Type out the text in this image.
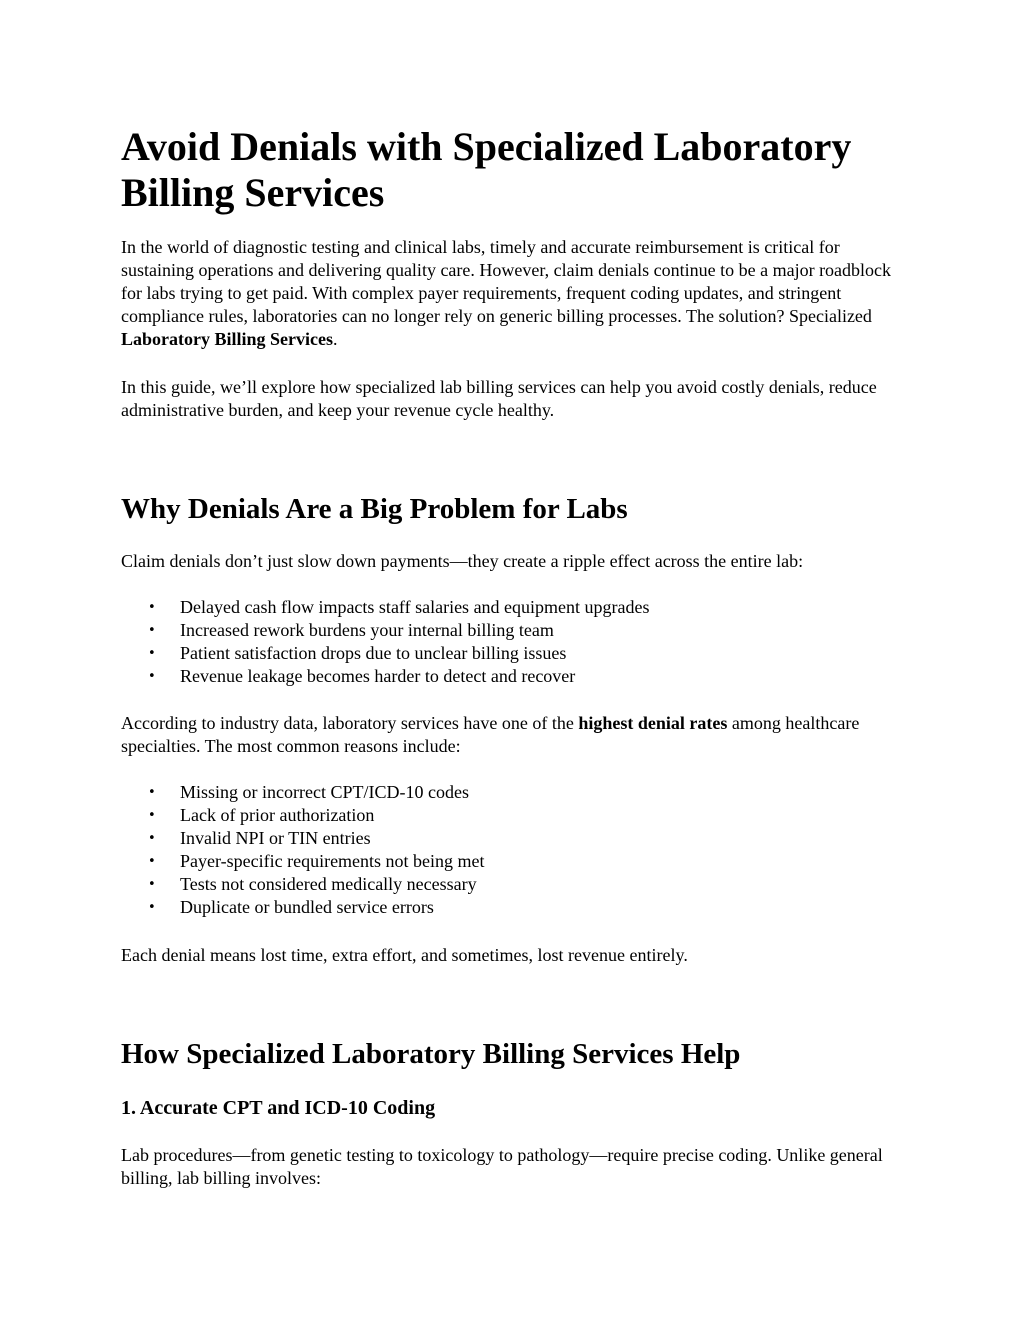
Avoid Denials with Specialized Laboratory Billing Services

In the world of diagnostic testing and clinical labs, timely and accurate reimbursement is critical for sustaining operations and delivering quality care. However, claim denials continue to be a major roadblock for labs trying to get paid. With complex payer requirements, frequent coding updates, and stringent compliance rules, laboratories can no longer rely on generic billing processes. The solution? Specialized Laboratory Billing Services.

In this guide, we’ll explore how specialized lab billing services can help you avoid costly denials, reduce administrative burden, and keep your revenue cycle healthy.

Why Denials Are a Big Problem for Labs

Claim denials don’t just slow down payments—they create a ripple effect across the entire lab:

• Delayed cash flow impacts staff salaries and equipment upgrades
• Increased rework burdens your internal billing team
• Patient satisfaction drops due to unclear billing issues
• Revenue leakage becomes harder to detect and recover

According to industry data, laboratory services have one of the highest denial rates among healthcare specialties. The most common reasons include:

• Missing or incorrect CPT/ICD-10 codes
• Lack of prior authorization
• Invalid NPI or TIN entries
• Payer-specific requirements not being met
• Tests not considered medically necessary
• Duplicate or bundled service errors

Each denial means lost time, extra effort, and sometimes, lost revenue entirely.

How Specialized Laboratory Billing Services Help
1. Accurate CPT and ICD-10 Coding

Lab procedures—from genetic testing to toxicology to pathology—require precise coding. Unlike general billing, lab billing involves:
